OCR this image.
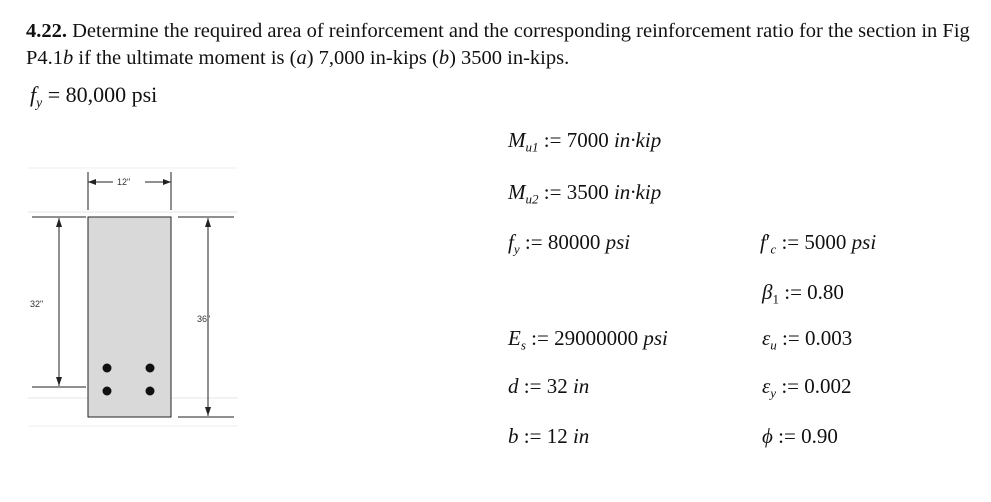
4.22. Determine the required area of reinforcement and the corresponding reinforcement ratio for the section in Fig P4.1b if the ultimate moment is (a) 7,000 in-kips (b) 3500 in-kips.
$f_y = 80,000$ psi
12"
32"
36"
$M_{u1}$ := 7000 in·kip
$M_{u2}$ := 3500 in·kip
$f_y$ := 80000 psi
$E_s$ := 29000000 psi
d := 32 in
b := 12 in
$f'_c$ := 5000 psi
$\beta_1$ := 0.80
$\varepsilon_u$ := 0.003
$\varepsilon_y$ := 0.002
ϕ := 0.90
